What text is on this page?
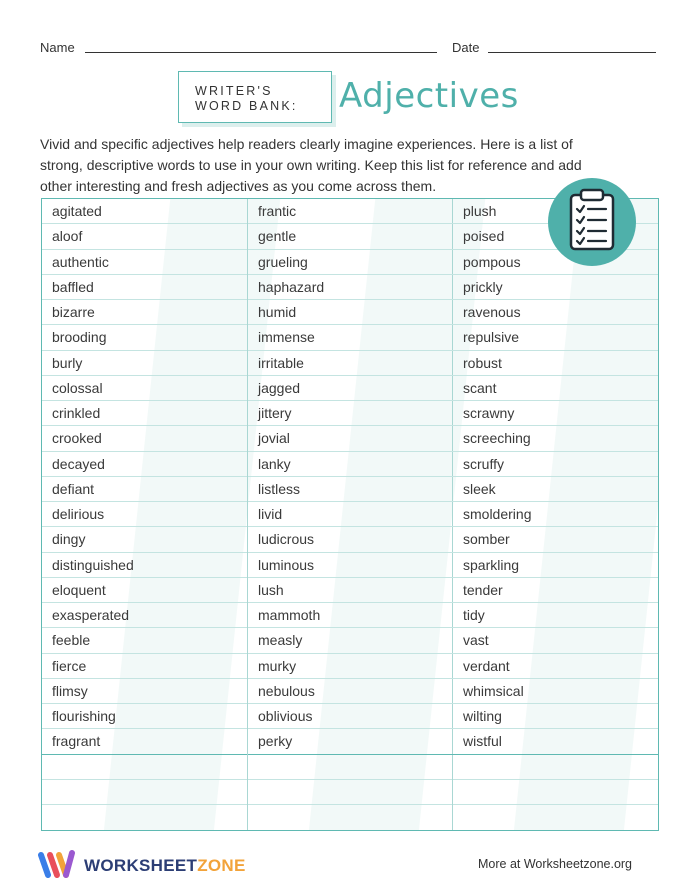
Name	Date
WRITER'S
WORD BANK: Adjectives
Vivid and specific adjectives help readers clearly imagine experiences. Here is a list of strong, descriptive words to use in your own writing. Keep this list for reference and add other interesting and fresh adjectives as you come across them.
agitated
aloof
authentic
baffled
bizarre
brooding
burly
colossal
crinkled
crooked
decayed
defiant
delirious
dingy
distinguished
eloquent
exasperated
feeble
fierce
flimsy
flourishing
fragrant
frantic
gentle
grueling
haphazard
humid
immense
irritable
jagged
jittery
jovial
lanky
listless
livid
ludicrous
luminous
lush
mammoth
measly
murky
nebulous
oblivious
perky
plush
poised
pompous
prickly
ravenous
repulsive
robust
scant
scrawny
screeching
scruffy
sleek
smoldering
somber
sparkling
tender
tidy
vast
verdant
whimsical
wilting
wistful
WORKSHEETZONE	More at Worksheetzone.org
